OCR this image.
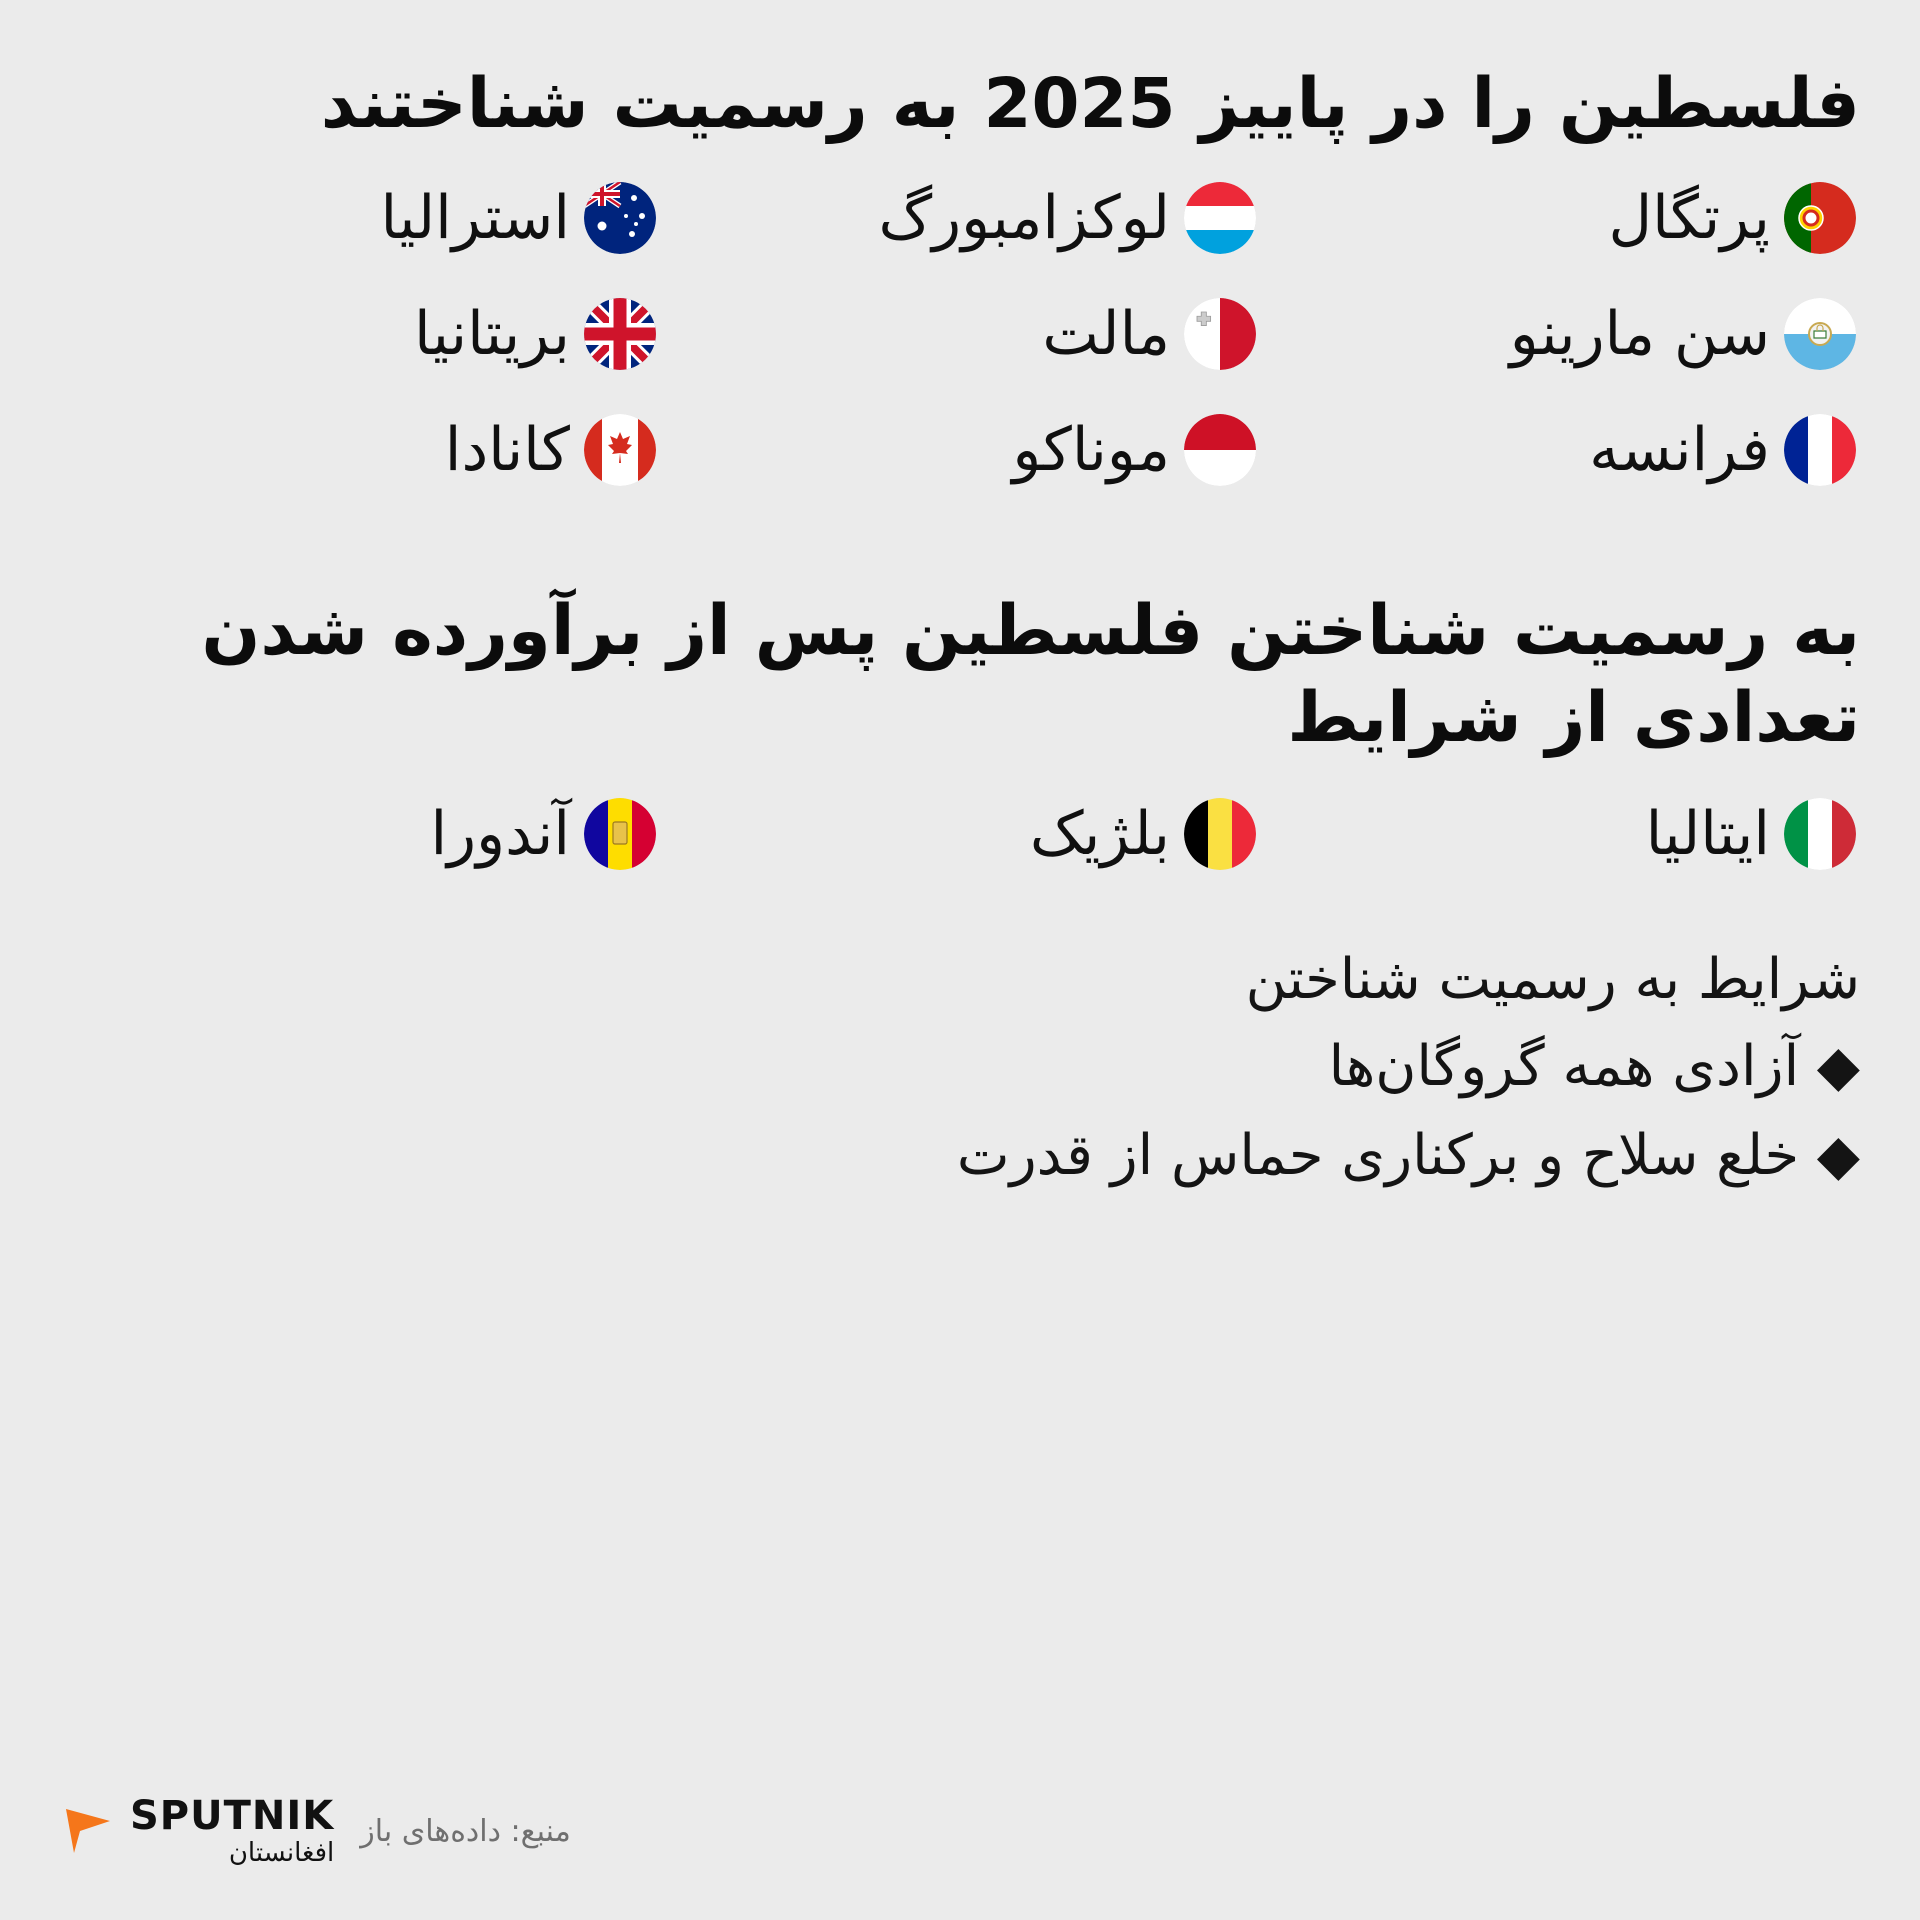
فلسطین را در پاییز 2025 به رسمیت شناختند
پرتگال
لوکزامبورگ
استرالیا
سن مارینو
مالت
بریتانیا
فرانسه
موناکو
کانادا
به رسمیت شناختن فلسطین پس از برآورده شدن تعدادی از شرایط
ایتالیا
بلژیک
آندورا
شرایط به رسمیت شناختن
◆ آزادی همه گروگان‌ها
◆ خلع سلاح و برکناری حماس از قدرت
SPUTNIK
افغانستان
منبع: داده‌های باز
